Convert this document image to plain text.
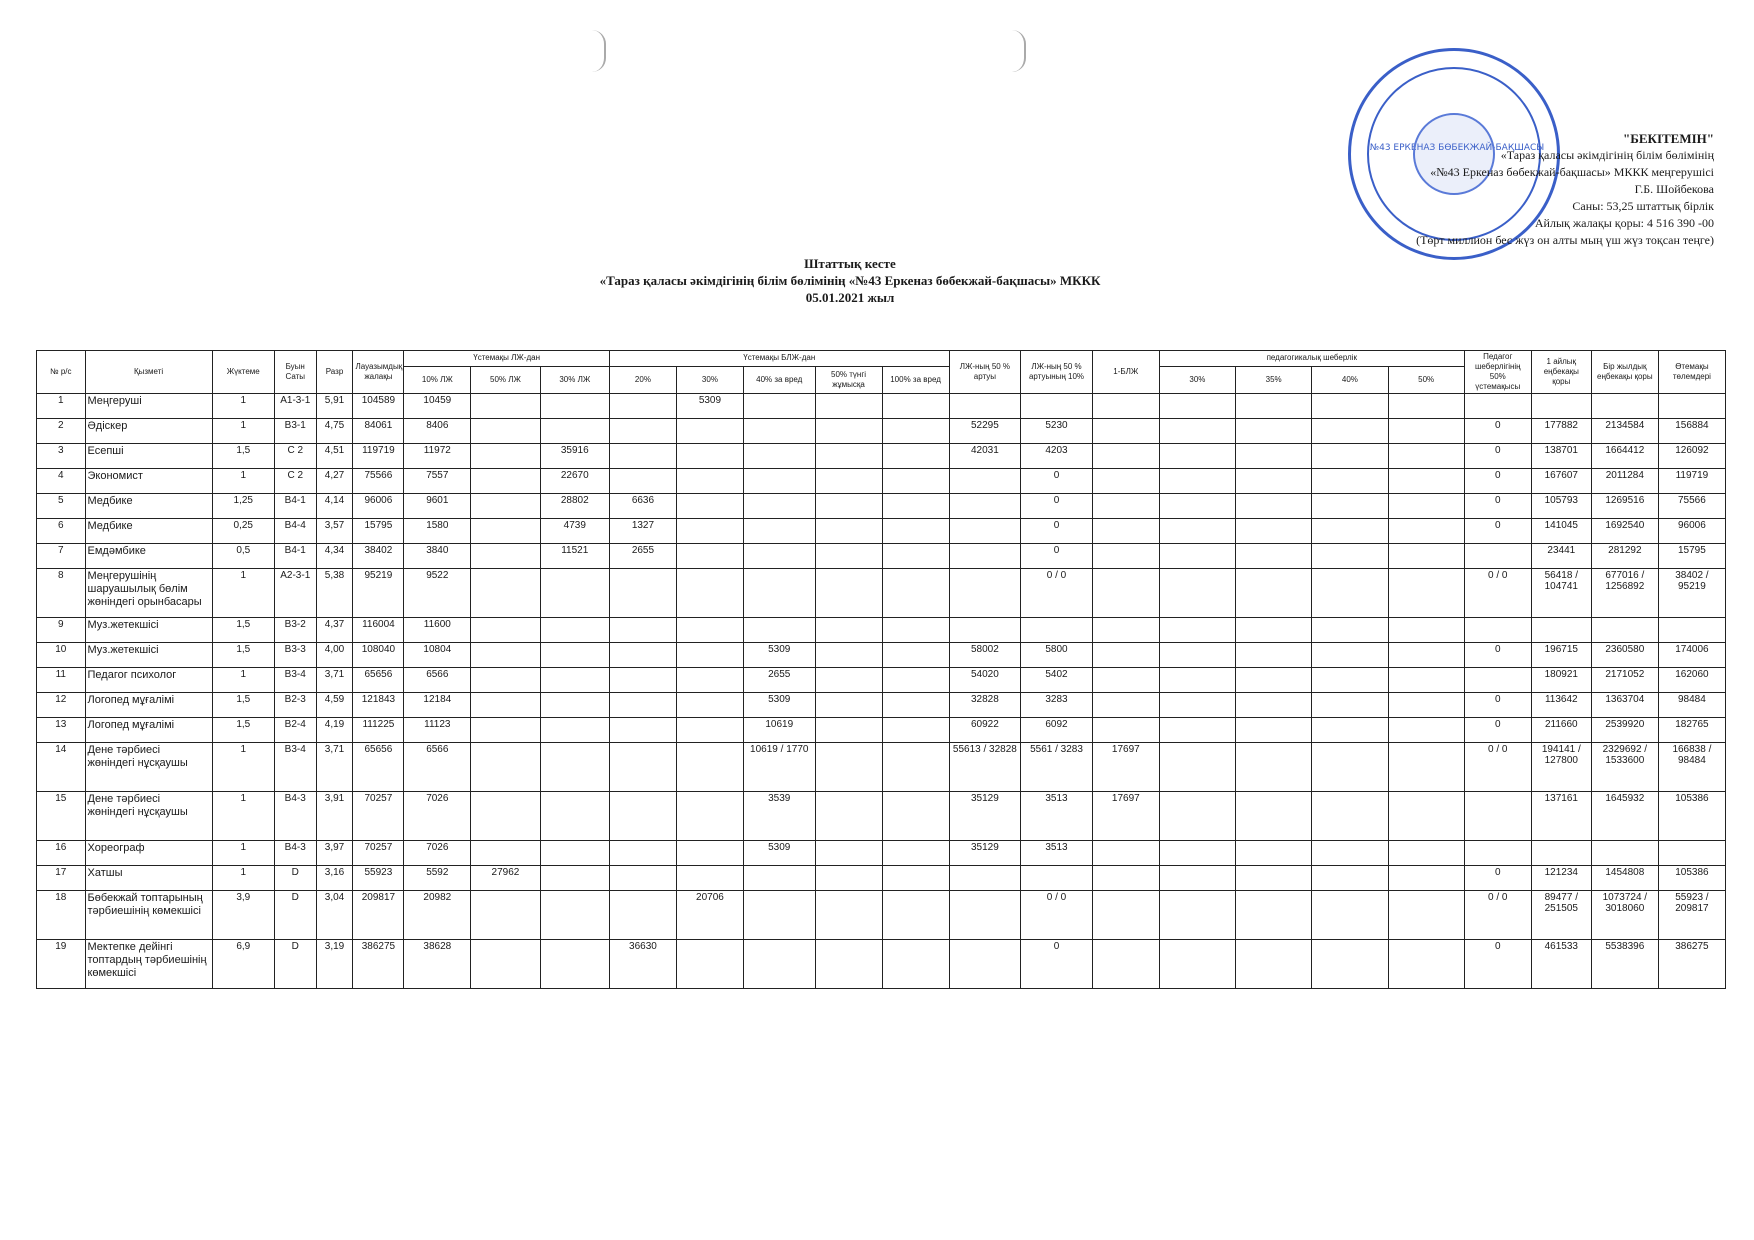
№43 ЕРКЕНАЗ БӨБЕКЖАЙ-БАҚШАСЫ
"БЕКІТЕМІН"
«Тараз қаласы әкімдігінің білім бөлімінің
«№43 Еркеназ бөбекжай-бақшасы» МККК меңгерушісі
Г.Б. Шойбекова
Саны: 53,25 штаттық бірлік
Айлық жалақы қоры: 4 516 390 -00
(Төрт миллион бес жүз он алты мың үш жүз тоқсан теңге)
Штаттық кесте
«Тараз қаласы әкімдігінің білім бөлімінің «№43 Еркеназ бөбекжай-бақшасы» МККК
05.01.2021 жыл
№ р/с	Қызметі	Жүктеме	Буын Саты	Разр	Лауазымдық жалақы	Үстемақы ЛЖ-дан			Үстемақы БЛЖ-дан					ЛЖ-ның 50 % артуы	ЛЖ-ның 50 % артуының 10%	1-БЛЖ	педагогикалық шеберлік				Педагог шеберлігінің 50% үстемақысы	1 айлық еңбекақы қоры	Бір жылдық еңбекақы қоры	Өтемақы төлемдері
						10% ЛЖ	50% ЛЖ	30% ЛЖ	20%	30%	40% за вред	50% түнгі жұмысқа	100% за вред				30%	35%	40%	50%				
1	Меңгеруші	1	А1-3-1	5,91	104589	10459				5309														
2	Әдіскер	1	В3-1	4,75	84061	8406								52295	5230						0	177882	2134584	156884
3	Есепші	1,5	С 2	4,51	119719	11972		35916						42031	4203						0	138701	1664412	126092
4	Экономист	1	С 2	4,27	75566	7557		22670							0						0	167607	2011284	119719
5	Медбике	1,25	В4-1	4,14	96006	9601		28802	6636						0						0	105793	1269516	75566
6	Медбике	0,25	В4-4	3,57	15795	1580		4739	1327						0						0	141045	1692540	96006
7	Емдәмбике	0,5	В4-1	4,34	38402	3840		11521	2655						0							23441	281292	15795
8	Меңгерушінің шаруашылық бөлім жөніндегі орынбасары	1	А2-3-1	5,38	95219	9522									0 / 0						0 / 0	56418 / 104741	677016 / 1256892	38402 / 95219
9	Муз.жетекшісі	1,5	В3-2	4,37	116004	11600																		
10	Муз.жетекшісі	1,5	В3-3	4,00	108040	10804					5309			58002	5800						0	196715	2360580	174006
11	Педагог психолог	1	В3-4	3,71	65656	6566					2655			54020	5402							180921	2171052	162060
12	Логопед мұғалімі	1,5	В2-3	4,59	121843	12184					5309			32828	3283						0	113642	1363704	98484
13	Логопед мұғалімі	1,5	В2-4	4,19	111225	11123					10619			60922	6092						0	211660	2539920	182765
14	Дене тәрбиесі жөніндегі нұсқаушы	1	В3-4	3,71	65656	6566					10619 / 1770			55613 / 32828	5561 / 3283	17697					0 / 0	194141 / 127800	2329692 / 1533600	166838 / 98484
15	Дене тәрбиесі жөніндегі нұсқаушы	1	В4-3	3,91	70257	7026					3539			35129	3513	17697						137161	1645932	105386
16	Хореограф	1	В4-3	3,97	70257	7026					5309			35129	3513									
17	Хатшы	1	D	3,16	55923	5592	27962														0	121234	1454808	105386
18	Бөбекжай топтарының тәрбиешінің көмекшісі	3,9	D	3,04	209817	20982				20706					0 / 0						0 / 0	89477 / 251505	1073724 / 3018060	55923 / 209817
19	Мектепке дейінгі топтардың тәрбиешінің көмекшісі	6,9	D	3,19	386275	38628			36630						0						0	461533	5538396	386275
